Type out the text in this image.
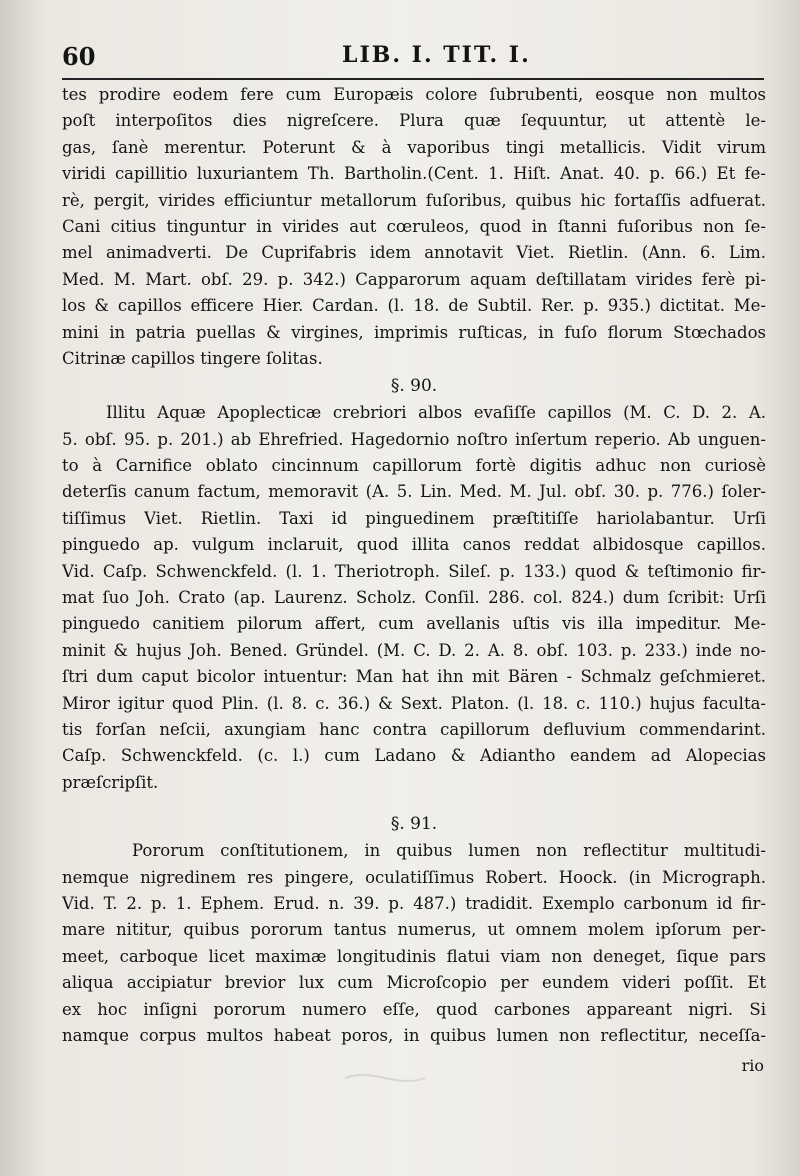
60	LIB. I. TIT. I.
tes prodire eodem fere cum Europæis colore ſubrubenti, eosque non multos
poſt interpoſitos dies nigreſcere. Plura quæ ſequuntur, ut attentè le-
gas, ſanè merentur. Poterunt & à vaporibus tingi metallicis. Vidit virum
viridi capillitio luxuriantem Th. Bartholin.(Cent. 1. Hiſt. Anat. 40. p. 66.) Et fe-
rè, pergit, virides efficiuntur metallorum fuſoribus, quibus hic fortaſſis adfuerat.
Cani citius tinguntur in virides aut cœruleos, quod in ſtanni fuſoribus non ſe-
mel animadverti. De Cuprifabris idem annotavit Viet. Rietlin. (Ann. 6. Lim.
Med. M. Mart. obſ. 29. p. 342.) Capparorum aquam deſtillatam virides ferè pi-
los & capillos efficere Hier. Cardan. (l. 18. de Subtil. Rer. p. 935.) dictitat. Me-
mini in patria puellas & virgines, imprimis ruſticas, in fuſo florum Stœchados
Citrinæ capillos tingere ſolitas.
§. 90.
Illitu Aquæ Apoplecticæ crebriori albos evaſiſſe capillos (M. C. D. 2. A.
5. obſ. 95. p. 201.) ab Ehrefried. Hagedornio noſtro inſertum reperio. Ab unguen-
to à Carnifice oblato cincinnum capillorum fortè digitis adhuc non curiosè
deterſis canum factum, memoravit (A. 5. Lin. Med. M. Jul. obſ. 30. p. 776.) ſoler-
tiſſimus Viet. Rietlin. Taxi id pinguedinem præſtitiſſe hariolabantur. Urſi
pinguedo ap. vulgum inclaruit, quod illita canos reddat albidosque capillos.
Vid. Caſp. Schwenckfeld. (l. 1. Theriotroph. Sileſ. p. 133.) quod & teſtimonio fir-
mat ſuo Joh. Crato (ap. Laurenz. Scholz. Conſil. 286. col. 824.) dum ſcribit: Urſi
pinguedo canitiem pilorum affert, cum avellanis uſtis vis illa impeditur. Me-
minit & hujus Joh. Bened. Gründel. (M. C. D. 2. A. 8. obſ. 103. p. 233.) inde no-
ſtri dum caput bicolor intuentur: Man hat ihn mit Bären - Schmalz geſchmieret.
Miror igitur quod Plin. (l. 8. c. 36.) & Sext. Platon. (l. 18. c. 110.) hujus faculta-
tis forſan neſcii, axungiam hanc contra capillorum defluvium commendarint.
Caſp. Schwenckfeld. (c. l.) cum Ladano & Adiantho eandem ad Alopecias
præſcripſit.
§. 91.
Pororum conſtitutionem, in quibus lumen non reflectitur multitudi-
nemque nigredinem res pingere, oculatiſſimus Robert. Hoock. (in Micrograph.
Vid. T. 2. p. 1. Ephem. Erud. n. 39. p. 487.) tradidit. Exemplo carbonum id fir-
mare nititur, quibus pororum tantus numerus, ut omnem molem ipſorum per-
meet, carboque licet maximæ longitudinis flatui viam non deneget, ſique pars
aliqua accipiatur brevior lux cum Microſcopio per eundem videri poſſit. Et
ex hoc inſigni pororum numero eſſe, quod carbones appareant nigri. Si
namque corpus multos habeat poros, in quibus lumen non reflectitur, neceſſa-
rio
